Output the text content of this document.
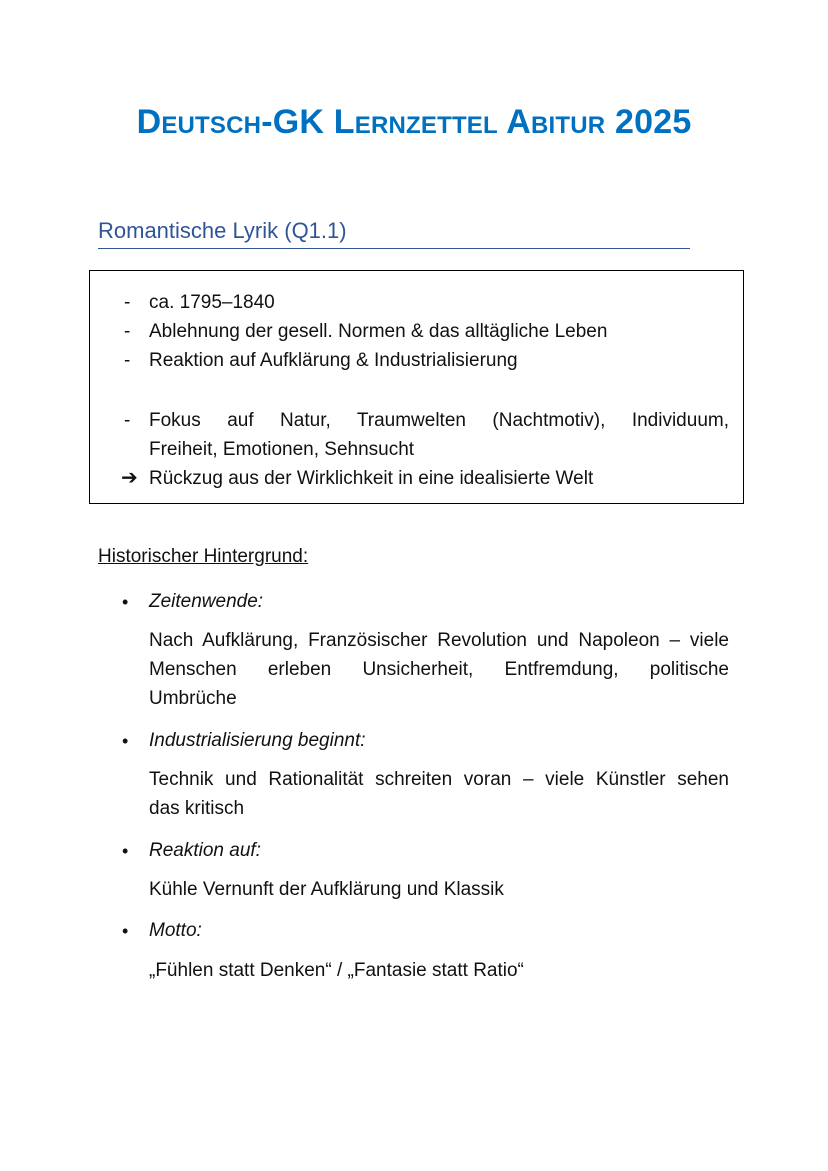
Deutsch-GK Lernzettel Abitur 2025
Romantische Lyrik (Q1.1)
- ca. 1795–1840
- Ablehnung der gesell. Normen & das alltägliche Leben
- Reaktion auf Aufklärung & Industrialisierung
- Fokus auf Natur, Traumwelten (Nachtmotiv), Individuum,
Freiheit, Emotionen, Sehnsucht
➔ Rückzug aus der Wirklichkeit in eine idealisierte Welt
Historischer Hintergrund:
• Zeitenwende:
Nach Aufklärung, Französischer Revolution und Napoleon – viele
Menschen erleben Unsicherheit, Entfremdung, politische
Umbrüche
• Industrialisierung beginnt:
Technik und Rationalität schreiten voran – viele Künstler sehen
das kritisch
• Reaktion auf:
Kühle Vernunft der Aufklärung und Klassik
• Motto:
„Fühlen statt Denken“ / „Fantasie statt Ratio“
